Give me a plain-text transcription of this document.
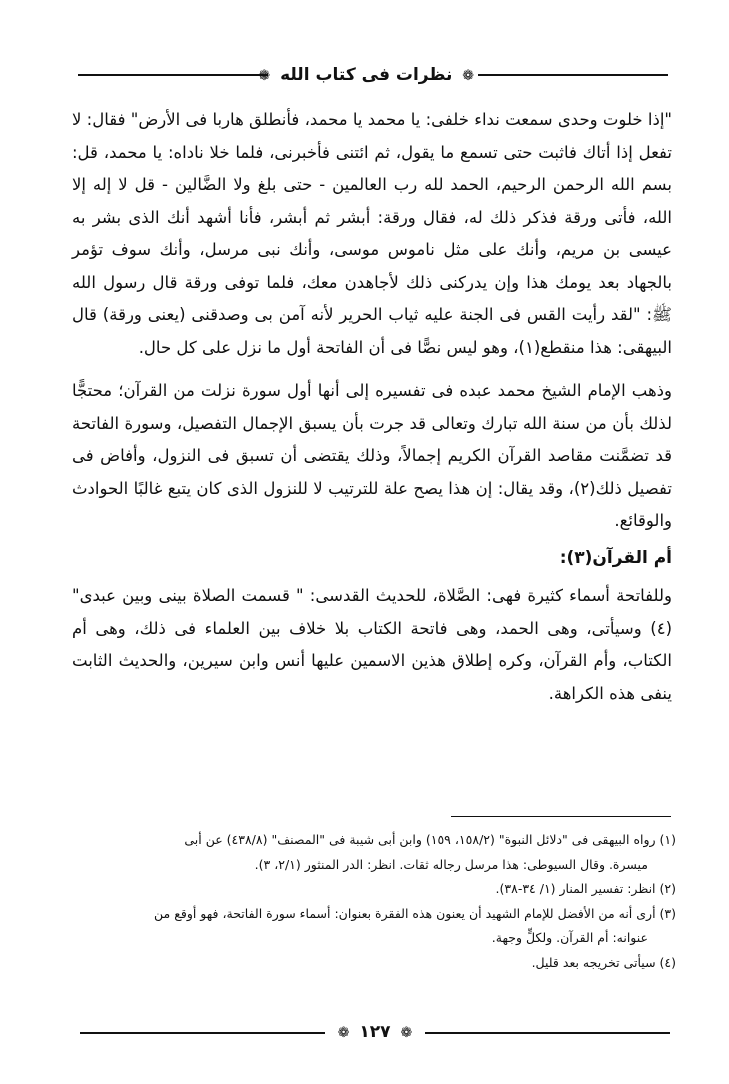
❁ نظرات فى كتاب الله ❁

"إذا خلوت وحدى سمعت نداء خلفى: يا محمد يا محمد، فأنطلق هاربا فى الأرض" فقال: لا تفعل إذا أتاك فاثبت حتى تسمع ما يقول، ثم ائتنى فأخبرنى، فلما خلا ناداه: يا محمد، قل: بسم الله الرحمن الرحيم، الحمد لله رب العالمين - حتى بلغ ولا الضَّالين - قل لا إله إلا الله، فأتى ورقة فذكر ذلك له، فقال ورقة: أبشر ثم أبشر، فأنا أشهد أنك الذى بشر به عيسى بن مريم، وأنك على مثل ناموس موسى، وأنك نبى مرسل، وأنك سوف تؤمر بالجهاد بعد يومك هذا وإن يدركنى ذلك لأجاهدن معك، فلما توفى ورقة قال رسول الله ﷺ: "لقد رأيت القس فى الجنة عليه ثياب الحرير لأنه آمن بى وصدقنى (يعنى ورقة) قال البيهقى: هذا منقطع(١)، وهو ليس نصًّا فى أن الفاتحة أول ما نزل على كل حال.

وذهب الإمام الشيخ محمد عبده فى تفسيره إلى أنها أول سورة نزلت من القرآن؛ محتجًّا لذلك بأن من سنة الله تبارك وتعالى قد جرت بأن يسبق الإجمال التفصيل، وسورة الفاتحة قد تضمَّنت مقاصد القرآن الكريم إجمالاً، وذلك يقتضى أن تسبق فى النزول، وأفاض فى تفصيل ذلك(٢)، وقد يقال: إن هذا يصح علة للترتيب لا للنزول الذى كان يتبع غالبًا الحوادث والوقائع.

أم القرآن(٣):

وللفاتحة أسماء كثيرة فهى: الصَّلاة، للحديث القدسى: " قسمت الصلاة بينى وبين عبدى"(٤) وسيأتى، وهى الحمد، وهى فاتحة الكتاب بلا خلاف بين العلماء فى ذلك، وهى أم الكتاب، وأم القرآن، وكره إطلاق هذين الاسمين عليها أنس وابن سيرين، والحديث الثابت ينفى هذه الكراهة.

(١) رواه البيهقى فى "دلائل النبوة" (١٥٨/٢، ١٥٩) وابن أبى شيبة فى "المصنف" (٤٣٨/٨) عن أبى

ميسرة. وقال السيوطى: هذا مرسل رجاله ثقات. انظر: الدر المنثور (٢/١، ٣).

(٢) انظر: تفسير المنار (١/ ٣٤-٣٨).

(٣) أرى أنه من الأفضل للإمام الشهيد أن يعنون هذه الفقرة بعنوان: أسماء سورة الفاتحة، فهو أوقع من

عنوانه: أم القرآن. ولكلٍّ وجهة.

(٤) سيأتى تخريجه بعد قليل.

❁ ١٢٧ ❁
